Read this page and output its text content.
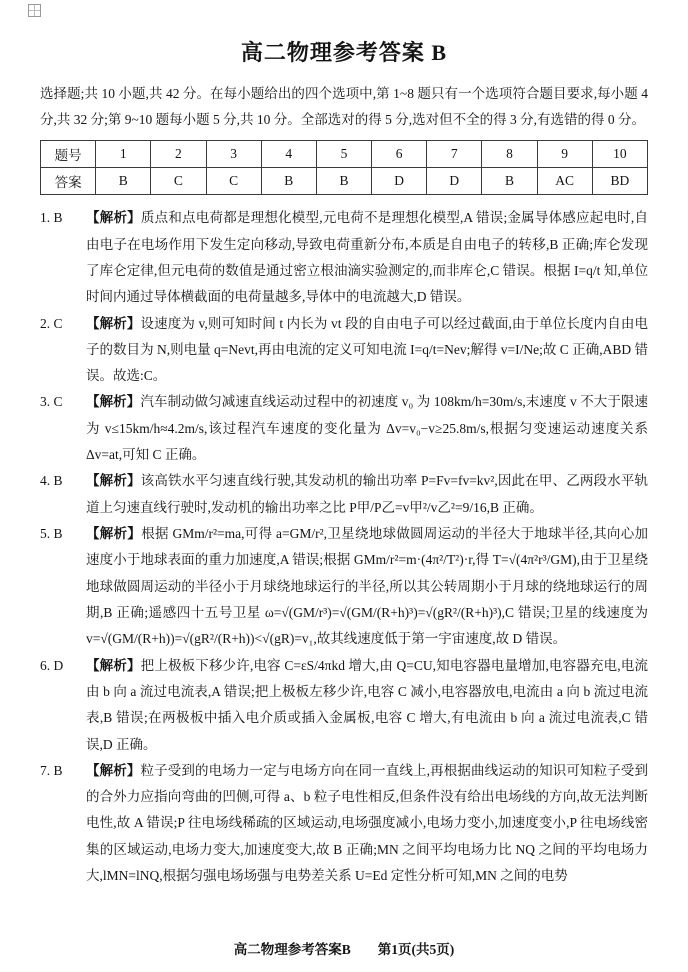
高二物理参考答案 B

选择题;共 10 小题,共 42 分。在每小题给出的四个选项中,第 1~8 题只有一个选项符合题目要求,每小题 4 分,共 32 分;第 9~10 题每小题 5 分,共 10 分。全部选对的得 5 分,选对但不全的得 3 分,有选错的得 0 分。

题号	1	2	3	4	5	6	7	8	9	10
答案	B	C	C	B	B	D	D	B	AC	BD
1. B	【解析】质点和点电荷都是理想化模型,元电荷不是理想化模型,A 错误;金属导体感应起电时,自由电子在电场作用下发生定向移动,导致电荷重新分布,本质是自由电子的转移,B 正确;库仑发现了库仑定律,但元电荷的数值是通过密立根油滴实验测定的,而非库仑,C 错误。根据 I=q/t 知,单位时间内通过导体横截面的电荷量越多,导体中的电流越大,D 错误。
2. C	【解析】设速度为 v,则可知时间 t 内长为 vt 段的自由电子可以经过截面,由于单位长度内自由电子的数目为 N,则电量 q=Nevt,再由电流的定义可知电流 I=q/t=Nev;解得 v=I/Ne;故 C 正确,ABD 错误。故选:C。
3. C	【解析】汽车制动做匀减速直线运动过程中的初速度 v₀ 为 108km/h=30m/s,末速度 v 不大于限速为 v≤15km/h≈4.2m/s,该过程汽车速度的变化量为 Δv=v₀−v≥25.8m/s,根据匀变速运动速度关系 Δv=at,可知 C 正确。
4. B	【解析】该高铁水平匀速直线行驶,其发动机的输出功率 P=Fv=fv=kv²,因此在甲、乙两段水平轨道上匀速直线行驶时,发动机的输出功率之比 P甲/P乙=v甲²/v乙²=9/16,B 正确。
5. B	【解析】根据 GMm/r²=ma,可得 a=GM/r²,卫星绕地球做圆周运动的半径大于地球半径,其向心加速度小于地球表面的重力加速度,A 错误;根据 GMm/r²=m·(4π²/T²)·r,得 T=√(4π²r³/GM),由于卫星绕地球做圆周运动的半径小于月球绕地球运行的半径,所以其公转周期小于月球的绕地球运行的周期,B 正确;遥感四十五号卫星 ω=√(GM/r³)=√(GM/(R+h)³)=√(gR²/(R+h)³),C 错误;卫星的线速度为 v=√(GM/(R+h))=√(gR²/(R+h))<√(gR)=v₁,故其线速度低于第一宇宙速度,故 D 错误。
6. D	【解析】把上极板下移少许,电容 C=εS/4πkd 增大,由 Q=CU,知电容器电量增加,电容器充电,电流由 b 向 a 流过电流表,A 错误;把上极板左移少许,电容 C 减小,电容器放电,电流由 a 向 b 流过电流表,B 错误;在两极板中插入电介质或插入金属板,电容 C 增大,有电流由 b 向 a 流过电流表,C 错误,D 正确。
7. B	【解析】粒子受到的电场力一定与电场方向在同一直线上,再根据曲线运动的知识可知粒子受到的合外力应指向弯曲的凹侧,可得 a、b 粒子电性相反,但条件没有给出电场线的方向,故无法判断电性,故 A 错误;P 往电场线稀疏的区域运动,电场强度减小,电场力变小,加速度变小,P 往电场线密集的区域运动,电场力变大,加速度变大,故 B 正确;MN 之间平均电场力比 NQ 之间的平均电场力大,lMN=lNQ,根据匀强电场场强与电势差关系 U=Ed 定性分析可知,MN 之间的电势
高二物理参考答案B 第1页(共5页)
